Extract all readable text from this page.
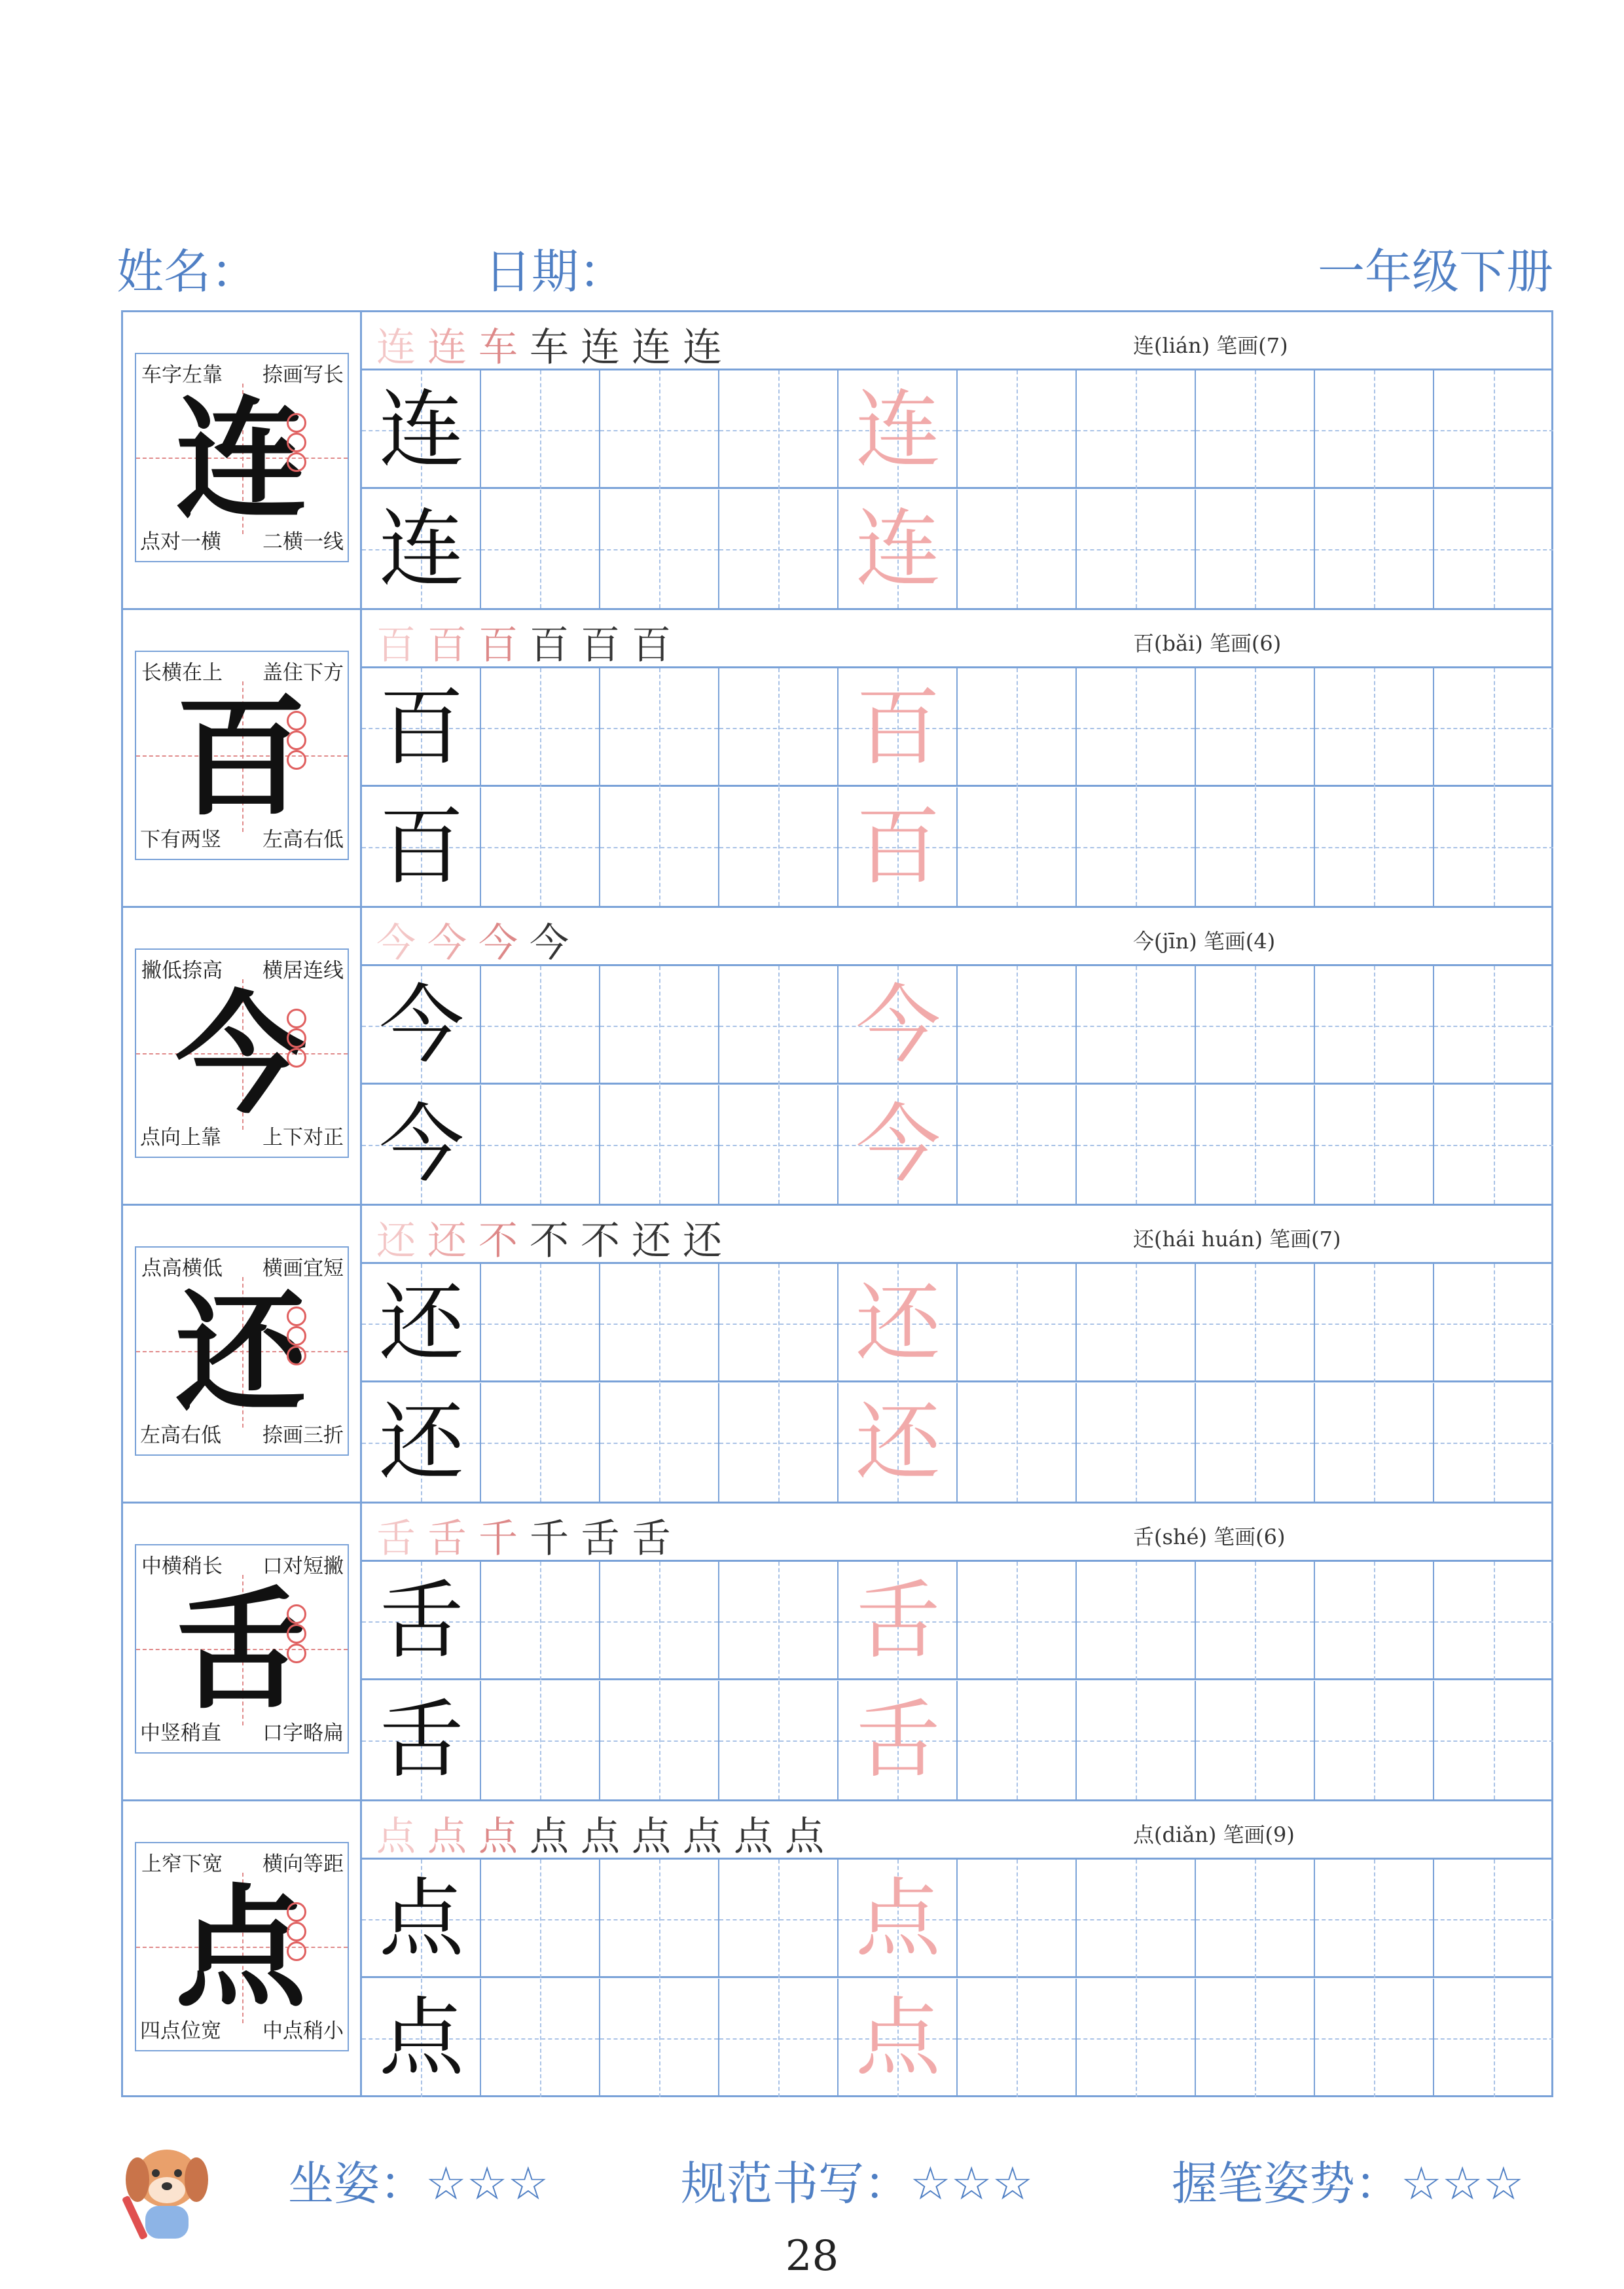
姓名：	日期：	一年级下册
车字左靠 捺画写长
点对一横 二横一线
连
连连车车连连连	连(lián) 笔画(7)
连	连
连	连
长横在上 盖住下方
下有两竖 左高右低
百
百百百百百百	百(bǎi) 笔画(6)
百	百
百	百
撇低捺高 横居连线
点向上靠 上下对正
今
今今今今	今(jīn) 笔画(4)
今	今
今	今
点高横低 横画宜短
左高右低 捺画三折
还
还还不不不还还	还(hái huán) 笔画(7)
还	还
还	还
中横稍长 口对短撇
中竖稍直 口字略扁
舌
舌舌千千舌舌	舌(shé) 笔画(6)
舌	舌
舌	舌
上窄下宽 横向等距
四点位宽 中点稍小
点
点点点点点点点点点	点(diǎn) 笔画(9)
点	点
点	点
坐姿：☆☆☆	规范书写：☆☆☆	握笔姿势：☆☆☆
28
